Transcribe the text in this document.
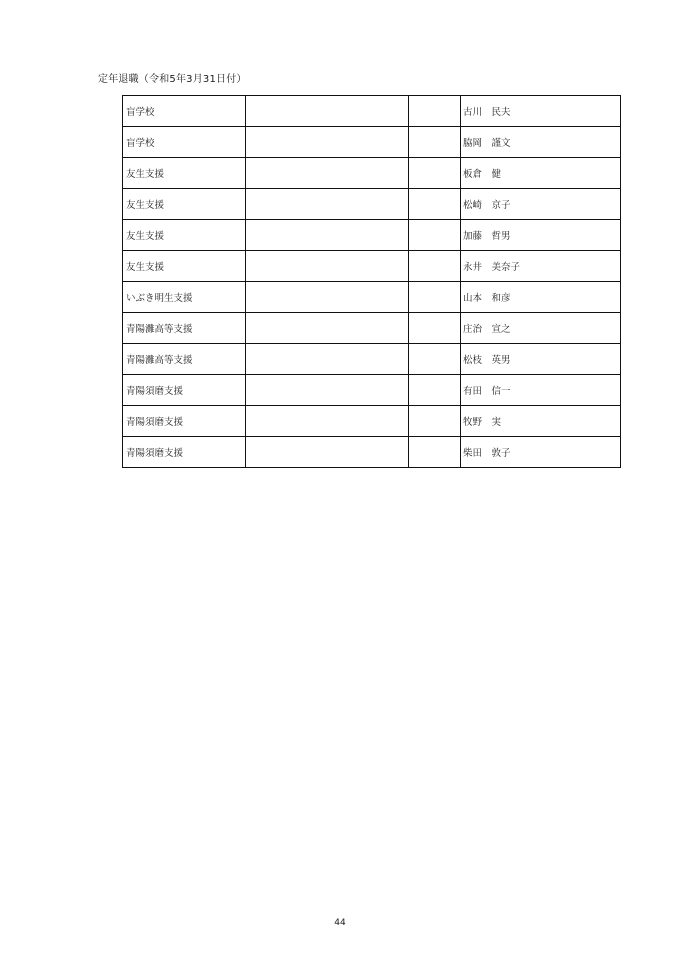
定年退職（令和5年3月31日付）
盲学校			古川　民夫
盲学校			脇岡　謹文
友生支援			板倉　健
友生支援			松崎　京子
友生支援			加藤　哲男
友生支援			永井　美奈子
いぶき明生支援			山本　和彦
青陽灘高等支援			庄治　宣之
青陽灘高等支援			松枝　英男
青陽須磨支援			有田　信一
青陽須磨支援			牧野　実
青陽須磨支援			柴田　敦子
44
